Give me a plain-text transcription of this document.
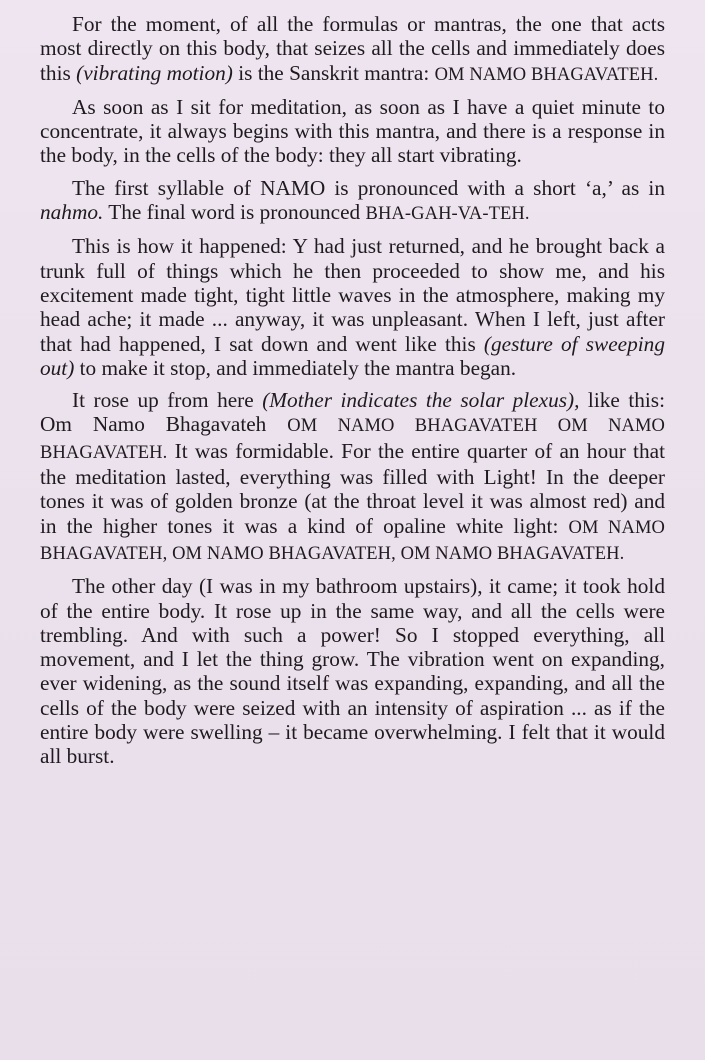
For the moment, of all the formulas or mantras, the one that acts most directly on this body, that seizes all the cells and immediately does this (vibrating motion) is the Sanskrit mantra: OM NAMO BHAGAVATEH.

As soon as I sit for meditation, as soon as I have a quiet minute to concentrate, it always begins with this mantra, and there is a response in the body, in the cells of the body: they all start vibrating.

The first syllable of NAMO is pronounced with a short ‘a,’ as in nahmo. The final word is pronounced BHA-GAH-VA-TEH.

This is how it happened: Y had just returned, and he brought back a trunk full of things which he then proceeded to show me, and his excitement made tight, tight little waves in the atmosphere, making my head ache; it made ... anyway, it was unpleasant. When I left, just after that had happened, I sat down and went like this (gesture of sweeping out) to make it stop, and immediately the mantra began.

It rose up from here (Mother indicates the solar plexus), like this: Om Namo Bhagavateh OM NAMO BHAGAVATEH OM NAMO BHAGAVATEH. It was formidable. For the entire quarter of an hour that the meditation lasted, everything was filled with Light! In the deeper tones it was of golden bronze (at the throat level it was almost red) and in the higher tones it was a kind of opaline white light: OM NAMO BHAGAVATEH, OM NAMO BHAGAVATEH, OM NAMO BHAGAVATEH.

The other day (I was in my bathroom upstairs), it came; it took hold of the entire body. It rose up in the same way, and all the cells were trembling. And with such a power! So I stopped everything, all movement, and I let the thing grow. The vibration went on expanding, ever widening, as the sound itself was expanding, expanding, and all the cells of the body were seized with an intensity of aspiration ... as if the entire body were swelling – it became overwhelming. I felt that it would all burst.
